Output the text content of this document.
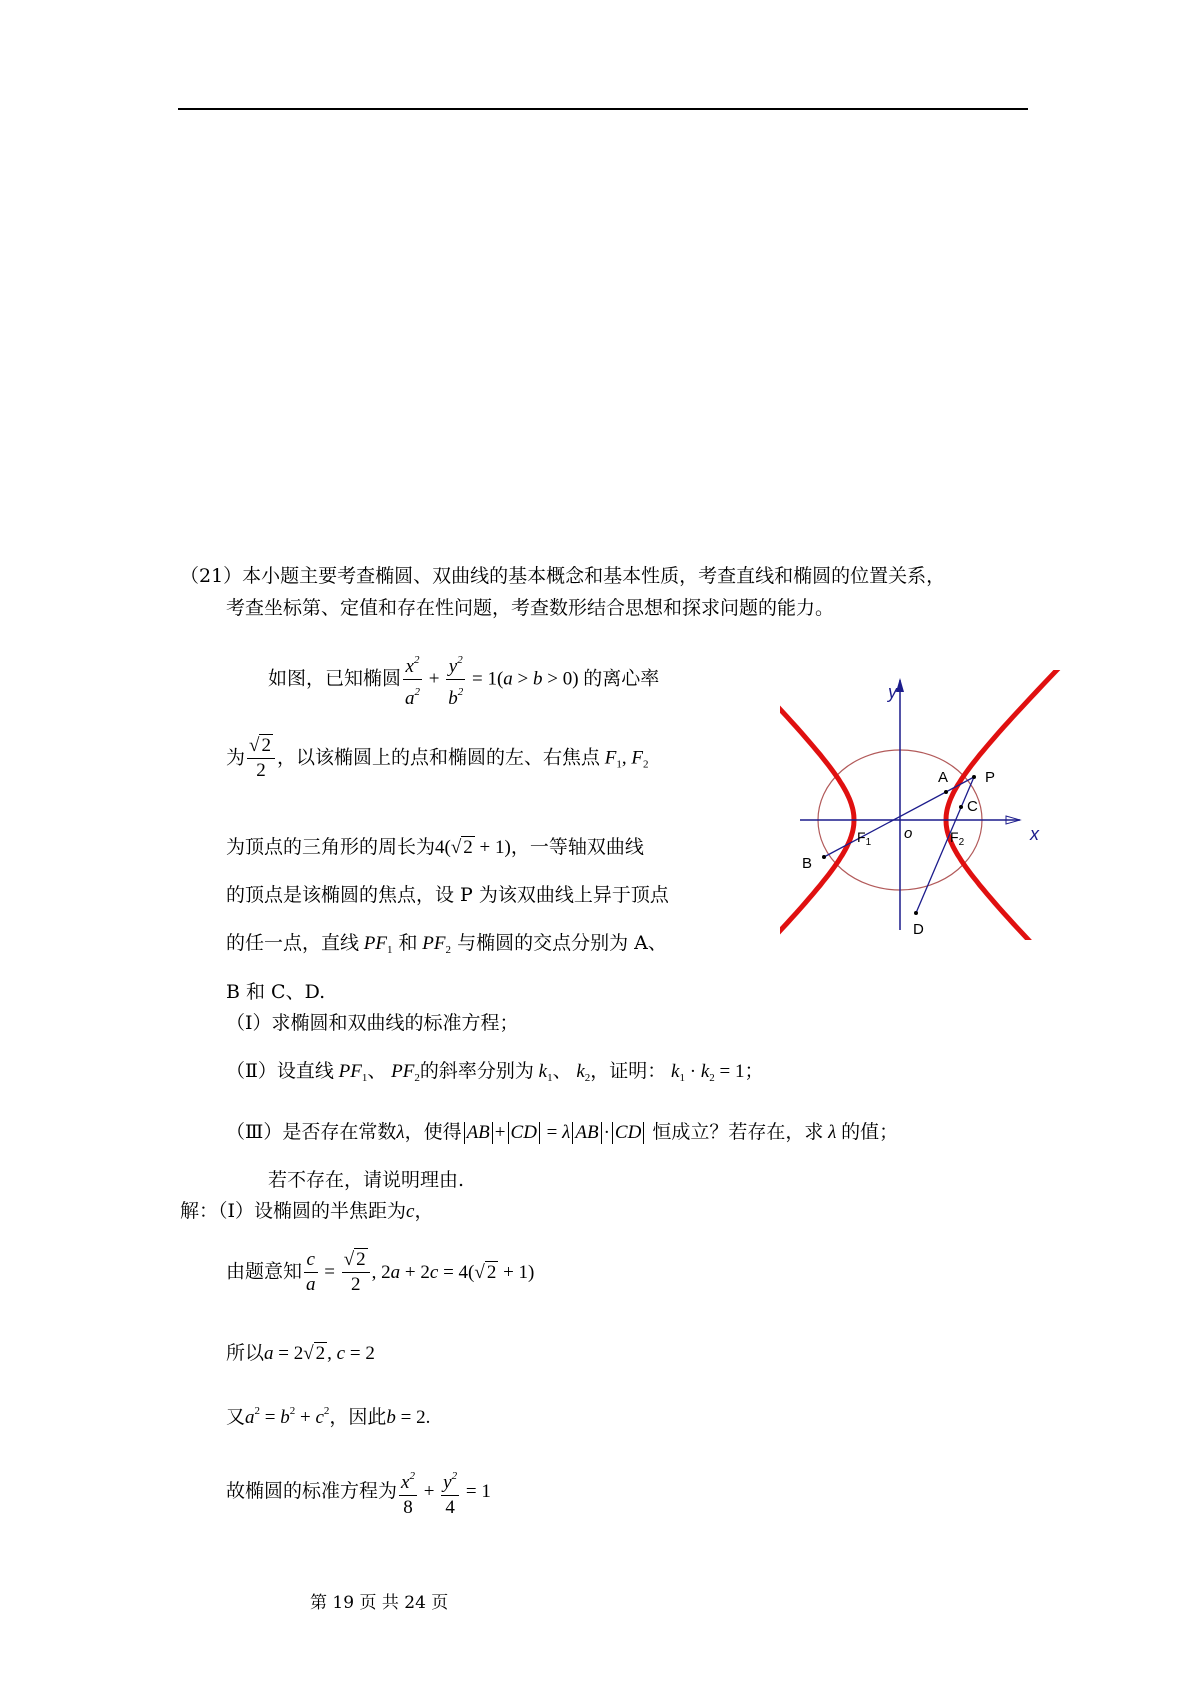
（21）本小题主要考查椭圆、双曲线的基本概念和基本性质，考查直线和椭圆的位置关系，
考查坐标第、定值和存在性问题，考查数形结合思想和探求问题的能力。
如图，已知椭圆 $\frac{x^2}{a^2} + \frac{y^2}{b^2} = 1(a > b > 0)$ 的离心率
为 $\frac{√ 2}{2}$ ，以该椭圆上的点和椭圆的左、右焦点 $F_1$, $F_2$
为顶点的三角形的周长为4(√ 2 + 1)，一等轴双曲线
的顶点是该椭圆的焦点，设 P 为该双曲线上异于顶点
的任一点，直线 $PF_1$ 和 $PF_2$ 与椭圆的交点分别为 A、
B 和 C、D.
（Ⅰ）求椭圆和双曲线的标准方程；
（Ⅱ）设直线 $PF_1$、 $PF_2$的斜率分别为 $k_1$、 $k_2$，证明： $k_1 \cdot k_2 = 1$；
（Ⅲ）是否存在常数λ，使得 AB + CD = λ AB · CD 恒成立？若存在，求 λ 的值；
若不存在，请说明理由.
解：（Ⅰ）设椭圆的半焦距为c，
由题意知 $\frac{c}{a} = \frac{√ 2}{2}$ , 2a + 2c = 4(√ 2 + 1)
所以a = 2√ 2 , c = 2
又$a^2 = b^2 + c^2$，因此b = 2.
故椭圆的标准方程为 $\frac{x^2}{8} + \frac{y^2}{4} = 1$
y
x
o
A
B
C
D
P
$F_1$	$F_2$
第 19 页 共 24 页
